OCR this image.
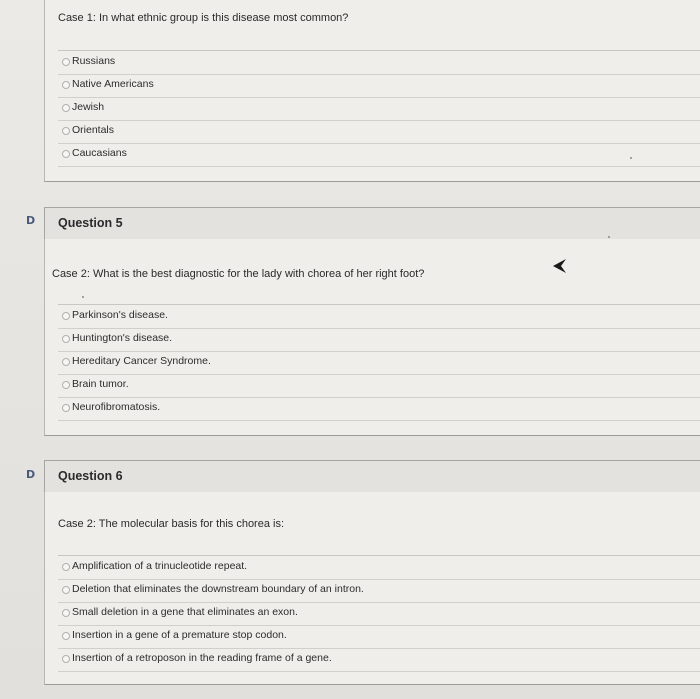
Case 1: In what ethnic group is this disease most common?
Russians
Native Americans
Jewish
Orientals
Caucasians
D Question 5
Case 2: What is the best diagnostic for the lady with chorea of her right foot?
Parkinson's disease.
Huntington's disease.
Hereditary Cancer Syndrome.
Brain tumor.
Neurofibromatosis.
D Question 6
Case 2: The molecular basis for this chorea is:
Amplification of a trinucleotide repeat.
Deletion that eliminates the downstream boundary of an intron.
Small deletion in a gene that eliminates an exon.
Insertion in a gene of a premature stop codon.
Insertion of a retroposon in the reading frame of a gene.
